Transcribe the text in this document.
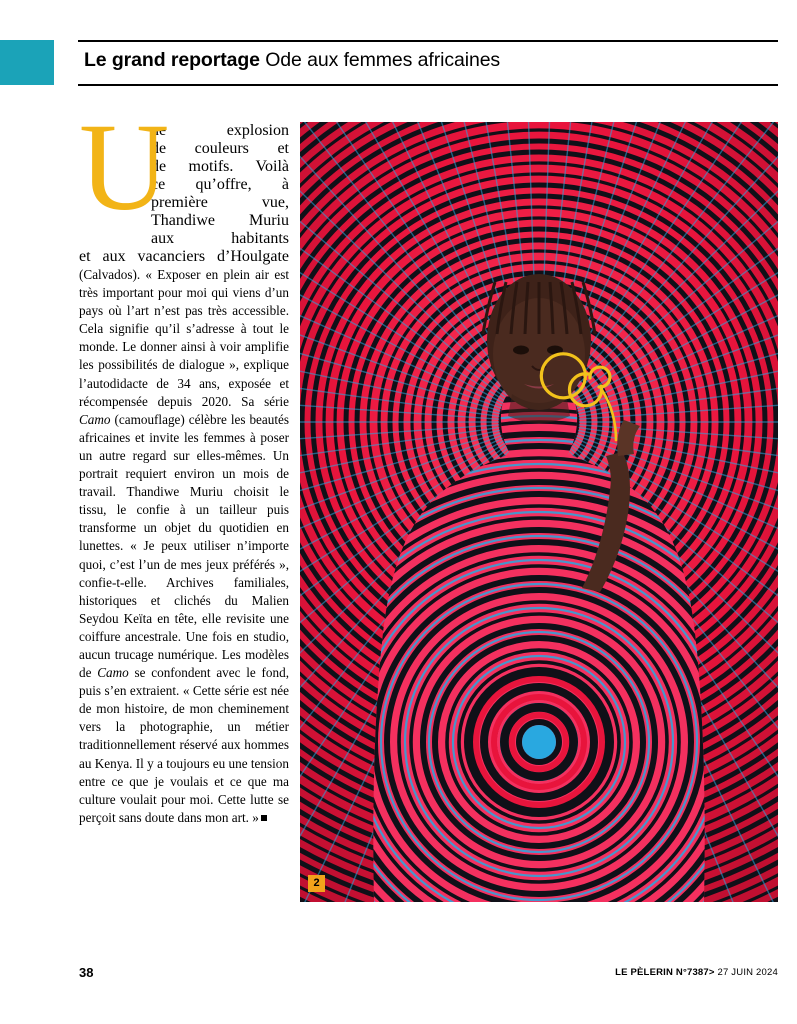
Le grand reportage Ode aux femmes africaines
U
ne explosion
de couleurs et
de motifs. Voilà
ce qu’offre, à
première vue,
Thandiwe Muriu
aux habitants
et aux vacanciers d’Houlgate

(Calvados). « Exposer en plein air est très important pour moi qui viens d’un pays où l’art n’est pas très accessible. Cela signifie qu’il s’adresse à tout le monde. Le donner ainsi à voir amplifie les possibilités de dialogue », explique l’autodidacte de 34 ans, exposée et récompensée depuis 2020. Sa série Camo (camouflage) célèbre les beautés africaines et invite les femmes à poser un autre regard sur elles-mêmes. Un portrait requiert environ un mois de travail. Thandiwe Muriu choisit le tissu, le confie à un tailleur puis transforme un objet du quotidien en lunettes. « Je peux utiliser n’importe quoi, c’est l’un de mes jeux préférés », confie-t-elle. Archives familiales, historiques et clichés du Malien Seydou Keïta en tête, elle revisite une coiffure ancestrale. Une fois en studio, aucun trucage numérique. Les modèles de Camo se confondent avec le fond, puis s’en extraient. « Cette série est née de mon histoire, de mon cheminement vers la photographie, un métier traditionnellement réservé aux hommes au Kenya. Il y a toujours eu une tension entre ce que je voulais et ce que ma culture voulait pour moi. Cette lutte se perçoit sans doute dans mon art. »

2
38	LE PÈLERIN N°7387> 27 JUIN 2024
